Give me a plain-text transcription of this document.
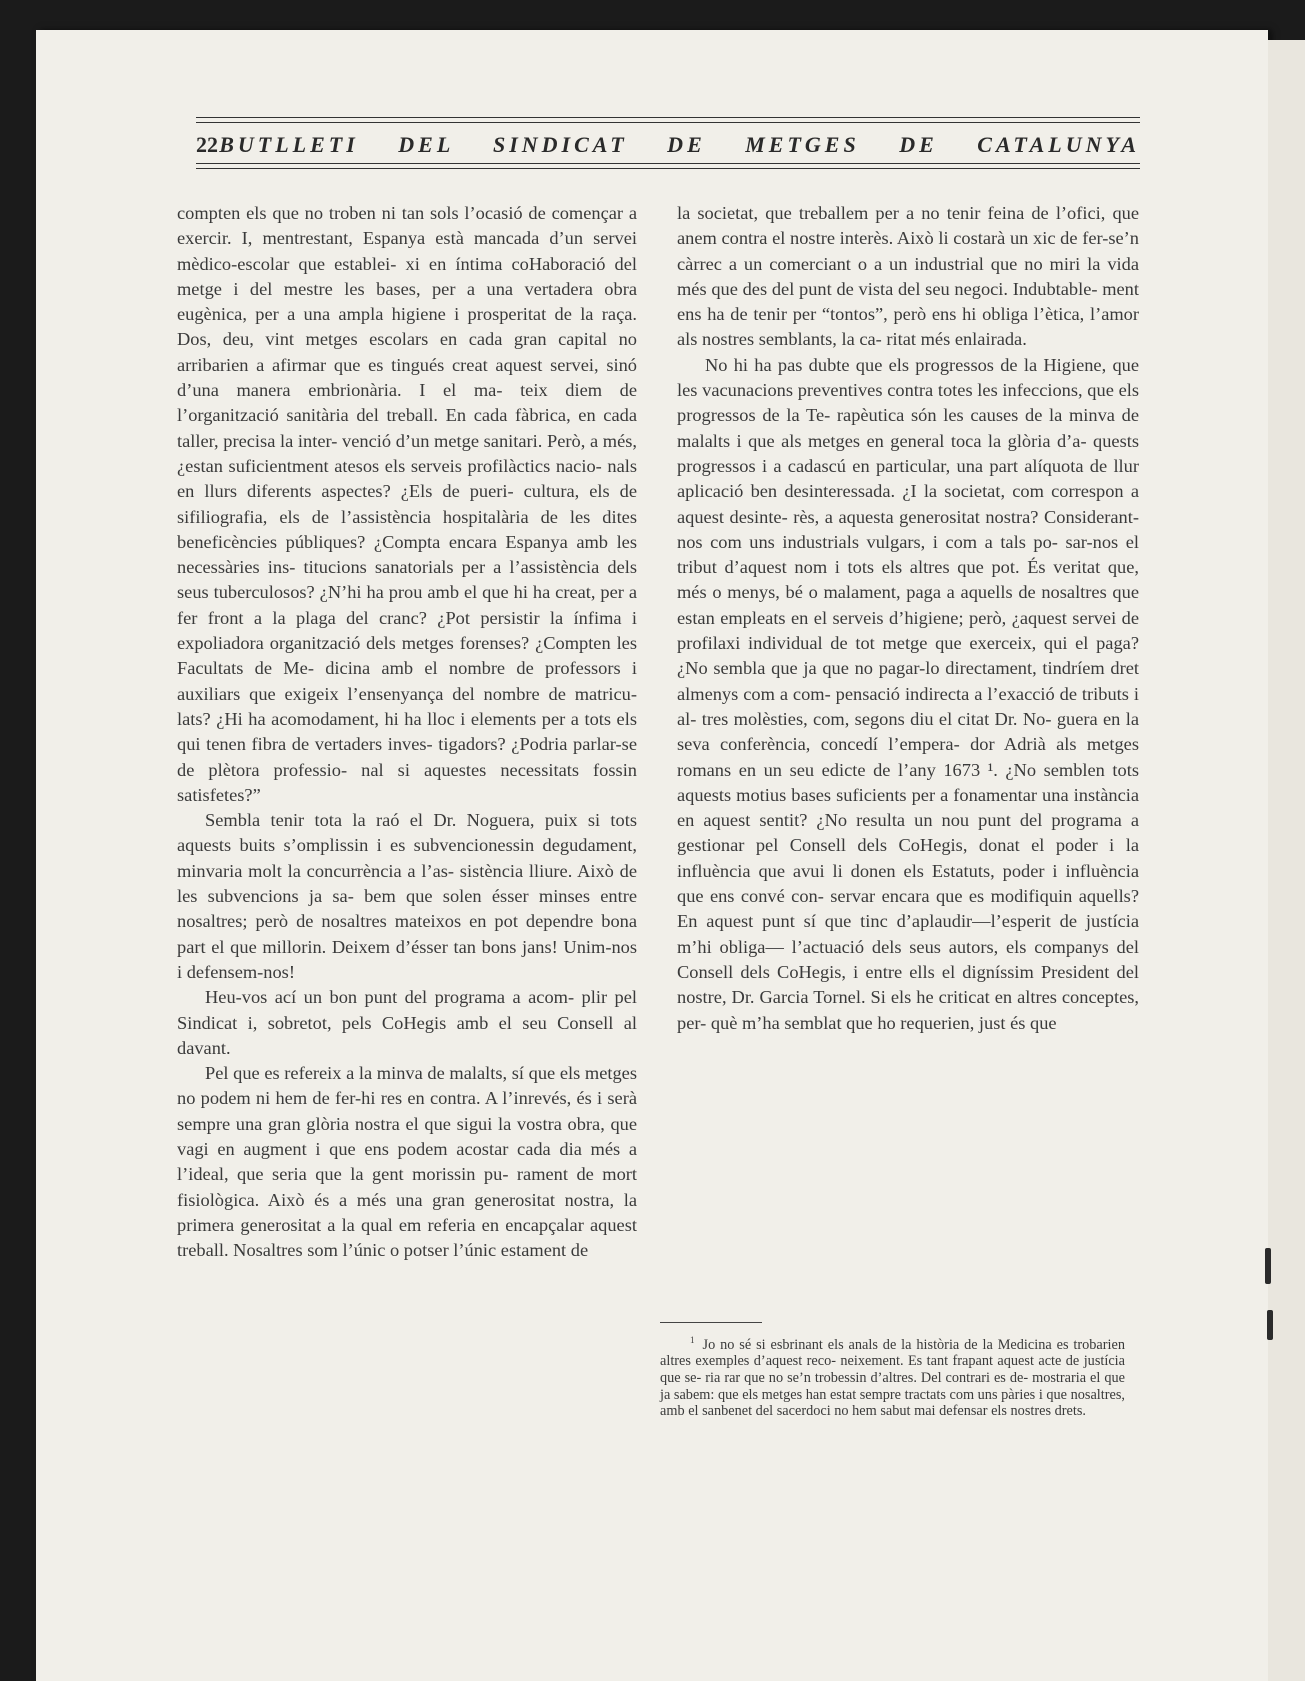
22 BUTLLETI DEL SINDICAT DE METGES DE CATALUNYA

compten els que no troben ni tan sols l’ocasió de començar a exercir. I, mentrestant, Espanya està mancada d’un servei mèdico-escolar que establei- xi en íntima coHaboració del metge i del mestre les bases, per a una vertadera obra eugènica, per a una ampla higiene i prosperitat de la raça. Dos, deu, vint metges escolars en cada gran capital no arribarien a afirmar que es tingués creat aquest servei, sinó d’una manera embrionària. I el ma- teix diem de l’organització sanitària del treball. En cada fàbrica, en cada taller, precisa la inter- venció d’un metge sanitari. Però, a més, ¿estan suficientment atesos els serveis profilàctics nacio- nals en llurs diferents aspectes? ¿Els de pueri- cultura, els de sifiliografia, els de l’assistència hospitalària de les dites beneficències públiques? ¿Compta encara Espanya amb les necessàries ins- titucions sanatorials per a l’assistència dels seus tuberculosos? ¿N’hi ha prou amb el que hi ha creat, per a fer front a la plaga del cranc? ¿Pot persistir la ínfima i expoliadora organització dels metges forenses? ¿Compten les Facultats de Me- dicina amb el nombre de professors i auxiliars que exigeix l’ensenyança del nombre de matricu- lats? ¿Hi ha acomodament, hi ha lloc i elements per a tots els qui tenen fibra de vertaders inves- tigadors? ¿Podria parlar-se de plètora professio- nal si aquestes necessitats fossin satisfetes?”

Sembla tenir tota la raó el Dr. Noguera, puix si tots aquests buits s’omplissin i es subvencionessin degudament, minvaria molt la concurrència a l’as- sistència lliure. Això de les subvencions ja sa- bem que solen ésser minses entre nosaltres; però de nosaltres mateixos en pot dependre bona part el que millorin. Deixem d’ésser tan bons jans! Unim-nos i defensem-nos!

Heu-vos ací un bon punt del programa a acom- plir pel Sindicat i, sobretot, pels CoHegis amb el seu Consell al davant.

Pel que es refereix a la minva de malalts, sí que els metges no podem ni hem de fer-hi res en contra. A l’inrevés, és i serà sempre una gran glòria nostra el que sigui la vostra obra, que vagi en augment i que ens podem acostar cada dia més a l’ideal, que seria que la gent morissin pu- rament de mort fisiològica. Això és a més una gran generositat nostra, la primera generositat a la qual em referia en encapçalar aquest treball. Nosaltres som l’únic o potser l’únic estament de

la societat, que treballem per a no tenir feina de l’ofici, que anem contra el nostre interès. Això li costarà un xic de fer-se’n càrrec a un comerciant o a un industrial que no miri la vida més que des del punt de vista del seu negoci. Indubtable- ment ens ha de tenir per “tontos”, però ens hi obliga l’ètica, l’amor als nostres semblants, la ca- ritat més enlairada.

No hi ha pas dubte que els progressos de la Higiene, que les vacunacions preventives contra totes les infeccions, que els progressos de la Te- rapèutica són les causes de la minva de malalts i que als metges en general toca la glòria d’a- quests progressos i a cadascú en particular, una part alíquota de llur aplicació ben desinteressada. ¿I la societat, com correspon a aquest desinte- rès, a aquesta generositat nostra? Considerant- nos com uns industrials vulgars, i com a tals po- sar-nos el tribut d’aquest nom i tots els altres que pot. És veritat que, més o menys, bé o malament, paga a aquells de nosaltres que estan empleats en el serveis d’higiene; però, ¿aquest servei de profilaxi individual de tot metge que exerceix, qui el paga? ¿No sembla que ja que no pagar-lo directament, tindríem dret almenys com a com- pensació indirecta a l’exacció de tributs i al- tres molèsties, com, segons diu el citat Dr. No- guera en la seva conferència, concedí l’empera- dor Adrià als metges romans en un seu edicte de l’any 1673 ¹. ¿No semblen tots aquests motius bases suficients per a fonamentar una instància en aquest sentit? ¿No resulta un nou punt del programa a gestionar pel Consell dels CoHegis, donat el poder i la influència que avui li donen els Estatuts, poder i influència que ens convé con- servar encara que es modifiquin aquells? En aquest punt sí que tinc d’aplaudir—l’esperit de justícia m’hi obliga— l’actuació dels seus autors, els companys del Consell dels CoHegis, i entre ells el digníssim President del nostre, Dr. Garcia Tornel. Si els he criticat en altres conceptes, per- què m’ha semblat que ho requerien, just és que

$^1$ Jo no sé si esbrinant els anals de la història de la Medicina es trobarien altres exemples d’aquest reco- neixement. Es tant frapant aquest acte de justícia que se- ria rar que no se’n trobessin d’altres. Del contrari es de- mostraria el que ja sabem: que els metges han estat sempre tractats com uns pàries i que nosaltres, amb el sanbenet del sacerdoci no hem sabut mai defensar els nostres drets.
